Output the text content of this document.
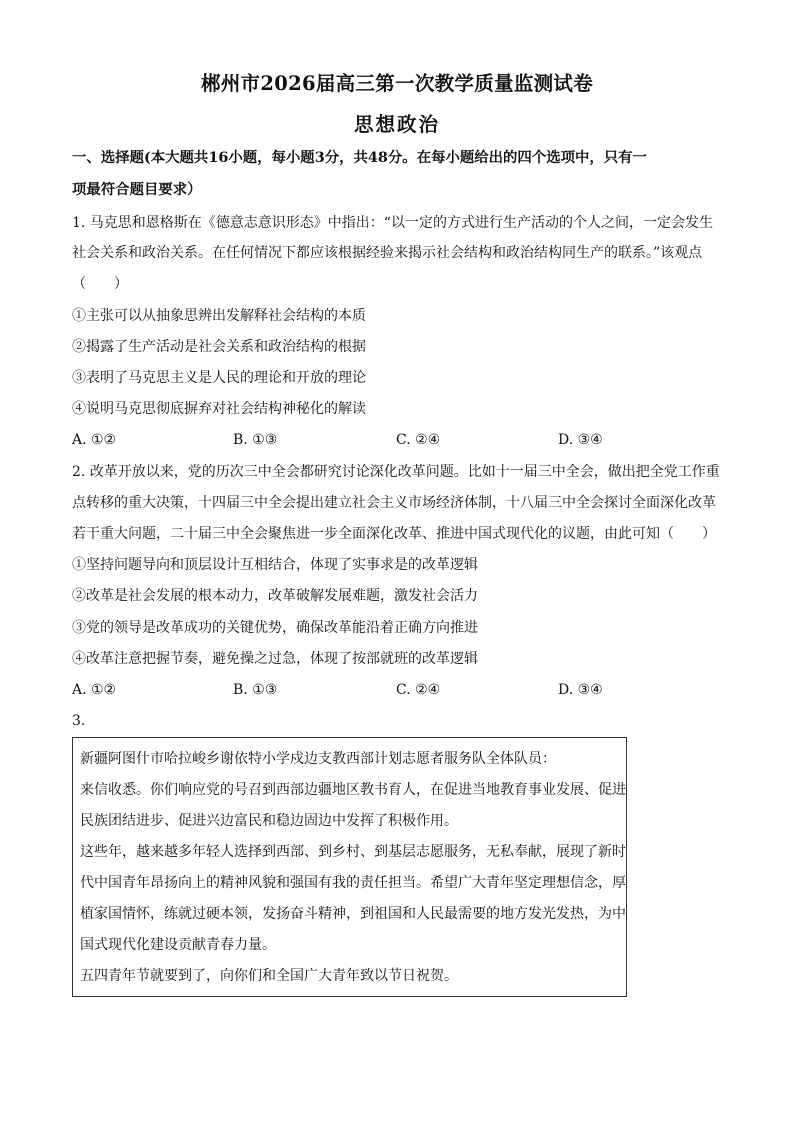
郴州市2026届高三第一次教学质量监测试卷
思想政治
一、选择题(本大题共16小题，每小题3分，共48分。在每小题给出的四个选项中，只有一
项最符合题目要求）
1. 马克思和恩格斯在《德意志意识形态》中指出：“以一定的方式进行生产活动的个人之间，一定会发生
社会关系和政治关系。在任何情况下都应该根据经验来揭示社会结构和政治结构同生产的联系。”该观点
（　　）
①主张可以从抽象思辨出发解释社会结构的本质
②揭露了生产活动是社会关系和政治结构的根据
③表明了马克思主义是人民的理论和开放的理论
④说明马克思彻底摒弃对社会结构神秘化的解读
A. ①②	B. ①③	C. ②④	D. ③④
2. 改革开放以来，党的历次三中全会都研究讨论深化改革问题。比如十一届三中全会，做出把全党工作重
点转移的重大决策，十四届三中全会提出建立社会主义市场经济体制，十八届三中全会探讨全面深化改革
若干重大问题，二十届三中全会聚焦进一步全面深化改革、推进中国式现代化的议题，由此可知（　　）
①坚持问题导向和顶层设计互相结合，体现了实事求是的改革逻辑
②改革是社会发展的根本动力，改革破解发展难题，激发社会活力
③党的领导是改革成功的关键优势，确保改革能沿着正确方向推进
④改革注意把握节奏，避免操之过急，体现了按部就班的改革逻辑
A. ①②	B. ①③	C. ②④	D. ③④
3.
新疆阿图什市哈拉峻乡谢依特小学戍边支教西部计划志愿者服务队全体队员：
来信收悉。你们响应党的号召到西部边疆地区教书育人，在促进当地教育事业发展、促进
民族团结进步、促进兴边富民和稳边固边中发挥了积极作用。
这些年，越来越多年轻人选择到西部、到乡村、到基层志愿服务，无私奉献，展现了新时
代中国青年昂扬向上的精神风貌和强国有我的责任担当。希望广大青年坚定理想信念，厚
植家国情怀，练就过硬本领，发扬奋斗精神，到祖国和人民最需要的地方发光发热，为中
国式现代化建设贡献青春力量。
五四青年节就要到了，向你们和全国广大青年致以节日祝贺。
